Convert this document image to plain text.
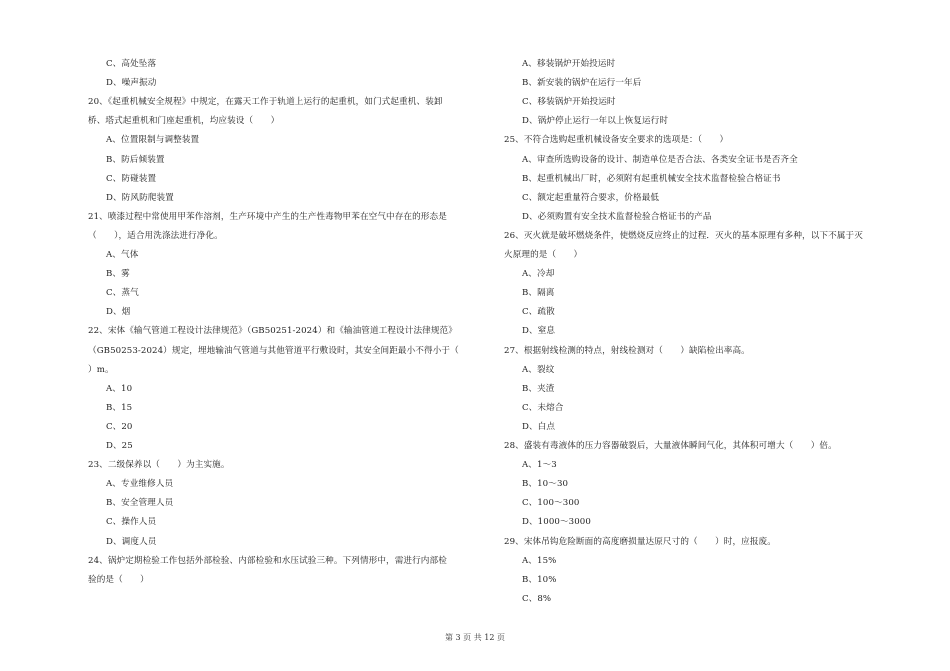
C、高处坠落
D、噪声振动
20、《起重机械安全规程》中规定，在露天工作于轨道上运行的起重机，如门式起重机、装卸
桥、塔式起重机和门座起重机，均应装设（　　）
A、位置限制与调整装置
B、防后倾装置
C、防碰装置
D、防风防爬装置
21、喷漆过程中常使用甲苯作溶剂，生产环境中产生的生产性毒物甲苯在空气中存在的形态是
（　　），适合用洗涤法进行净化。
A、气体
B、雾
C、蒸气
D、烟
22、宋体《输气管道工程设计法律规范》（GB50251-2024）和《输油管道工程设计法律规范》
（GB50253-2024）规定，埋地输油气管道与其他管道平行敷设时，其安全间距最小不得小于（
）m。
A、10
B、15
C、20
D、25
23、二级保养以（　　）为主实施。
A、专业维修人员
B、安全管理人员
C、操作人员
D、调度人员
24、锅炉定期检验工作包括外部检验、内部检验和水压试验三种。下列情形中，需进行内部检
验的是（　　）
A、移装锅炉开始投运时
B、新安装的锅炉在运行一年后
C、移装锅炉开始投运时
D、锅炉停止运行一年以上恢复运行时
25、不符合选购起重机械设备安全要求的选项是：（　　）
A、审查所选购设备的设计、制造单位是否合法、各类安全证书是否齐全
B、起重机械出厂时，必须附有起重机械安全技术监督检验合格证书
C、额定起重量符合要求，价格最低
D、必须购置有安全技术监督检验合格证书的产品
26、灭火就是破坏燃烧条件，使燃烧反应终止的过程．灭火的基本原理有多种，以下不属于灭
火原理的是（　　）
A、冷却
B、隔离
C、疏散
D、窒息
27、根据射线检测的特点，射线检测对（　　）缺陷检出率高。
A、裂纹
B、夹渣
C、未熔合
D、白点
28、盛装有毒液体的压力容器破裂后，大量液体瞬间气化，其体积可增大（　　）倍。
A、1～3
B、10～30
C、100～300
D、1000～3000
29、宋体吊钩危险断面的高度磨损量达原尺寸的（　　）时，应报废。
A、15%
B、10%
C、8%
第 3 页 共 12 页
